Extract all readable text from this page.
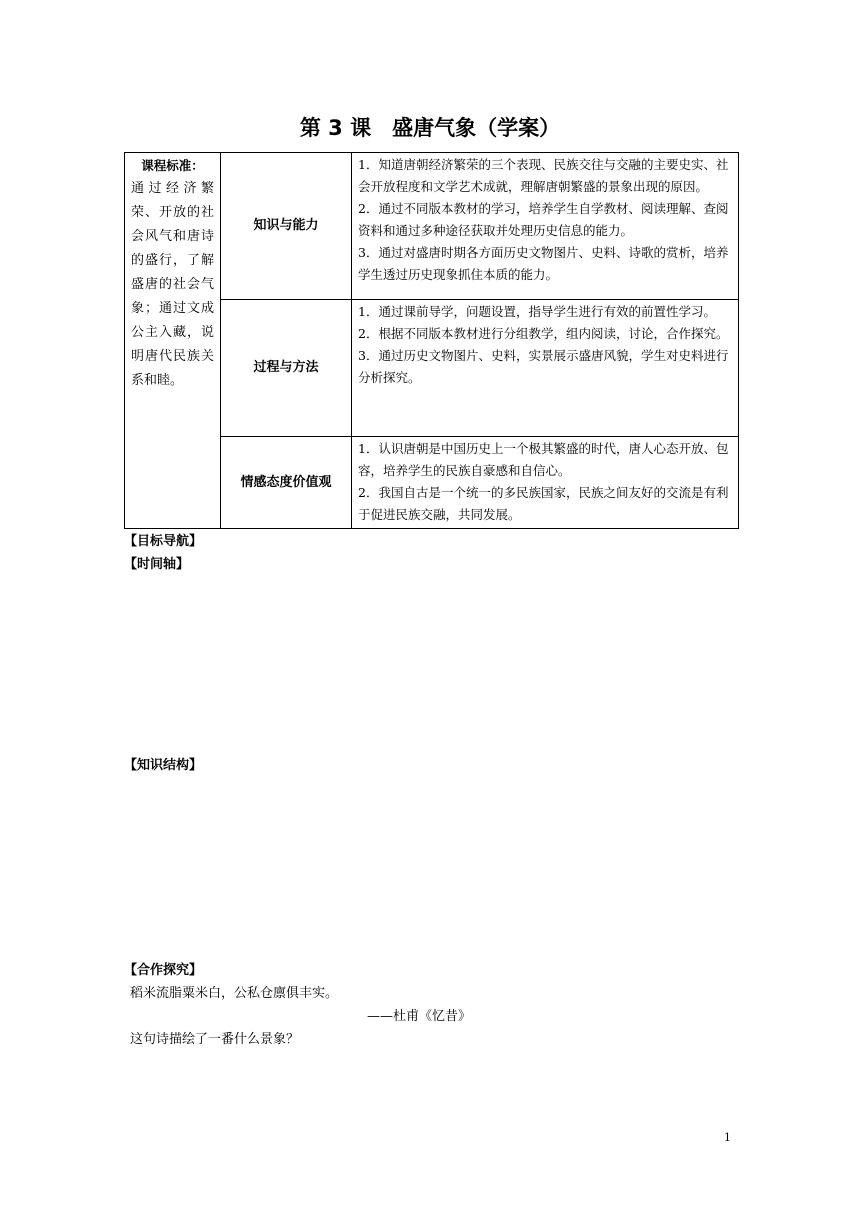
第 3 课　盛唐气象（学案）
课程标准：
通过经济繁荣、开放的社会风气和唐诗的盛行，了解盛唐的社会气象；通过文成公主入藏，说明唐代民族关系和睦。	知识与能力	1．知道唐朝经济繁荣的三个表现、民族交往与交融的主要史实、社会开放程度和文学艺术成就，理解唐朝繁盛的景象出现的原因。
2．通过不同版本教材的学习，培养学生自学教材、阅读理解、查阅资料和通过多种途径获取并处理历史信息的能力。
3．通过对盛唐时期各方面历史文物图片、史料、诗歌的赏析，培养学生透过历史现象抓住本质的能力。

	过程与方法	1．通过课前导学，问题设置，指导学生进行有效的前置性学习。
2．根据不同版本教材进行分组教学，组内阅读，讨论，合作探究。
3．通过历史文物图片、史料，实景展示盛唐风貌，学生对史料进行分析探究。

	情感态度价值观	1．认识唐朝是中国历史上一个极其繁盛的时代，唐人心态开放、包容，培养学生的民族自豪感和自信心。
2．我国自古是一个统一的多民族国家，民族之间友好的交流是有利于促进民族交融，共同发展。
【目标导航】
【时间轴】
【知识结构】
【合作探究】
稻米流脂粟米白，公私仓廪俱丰实。
——杜甫《忆昔》
这句诗描绘了一番什么景象？
1
